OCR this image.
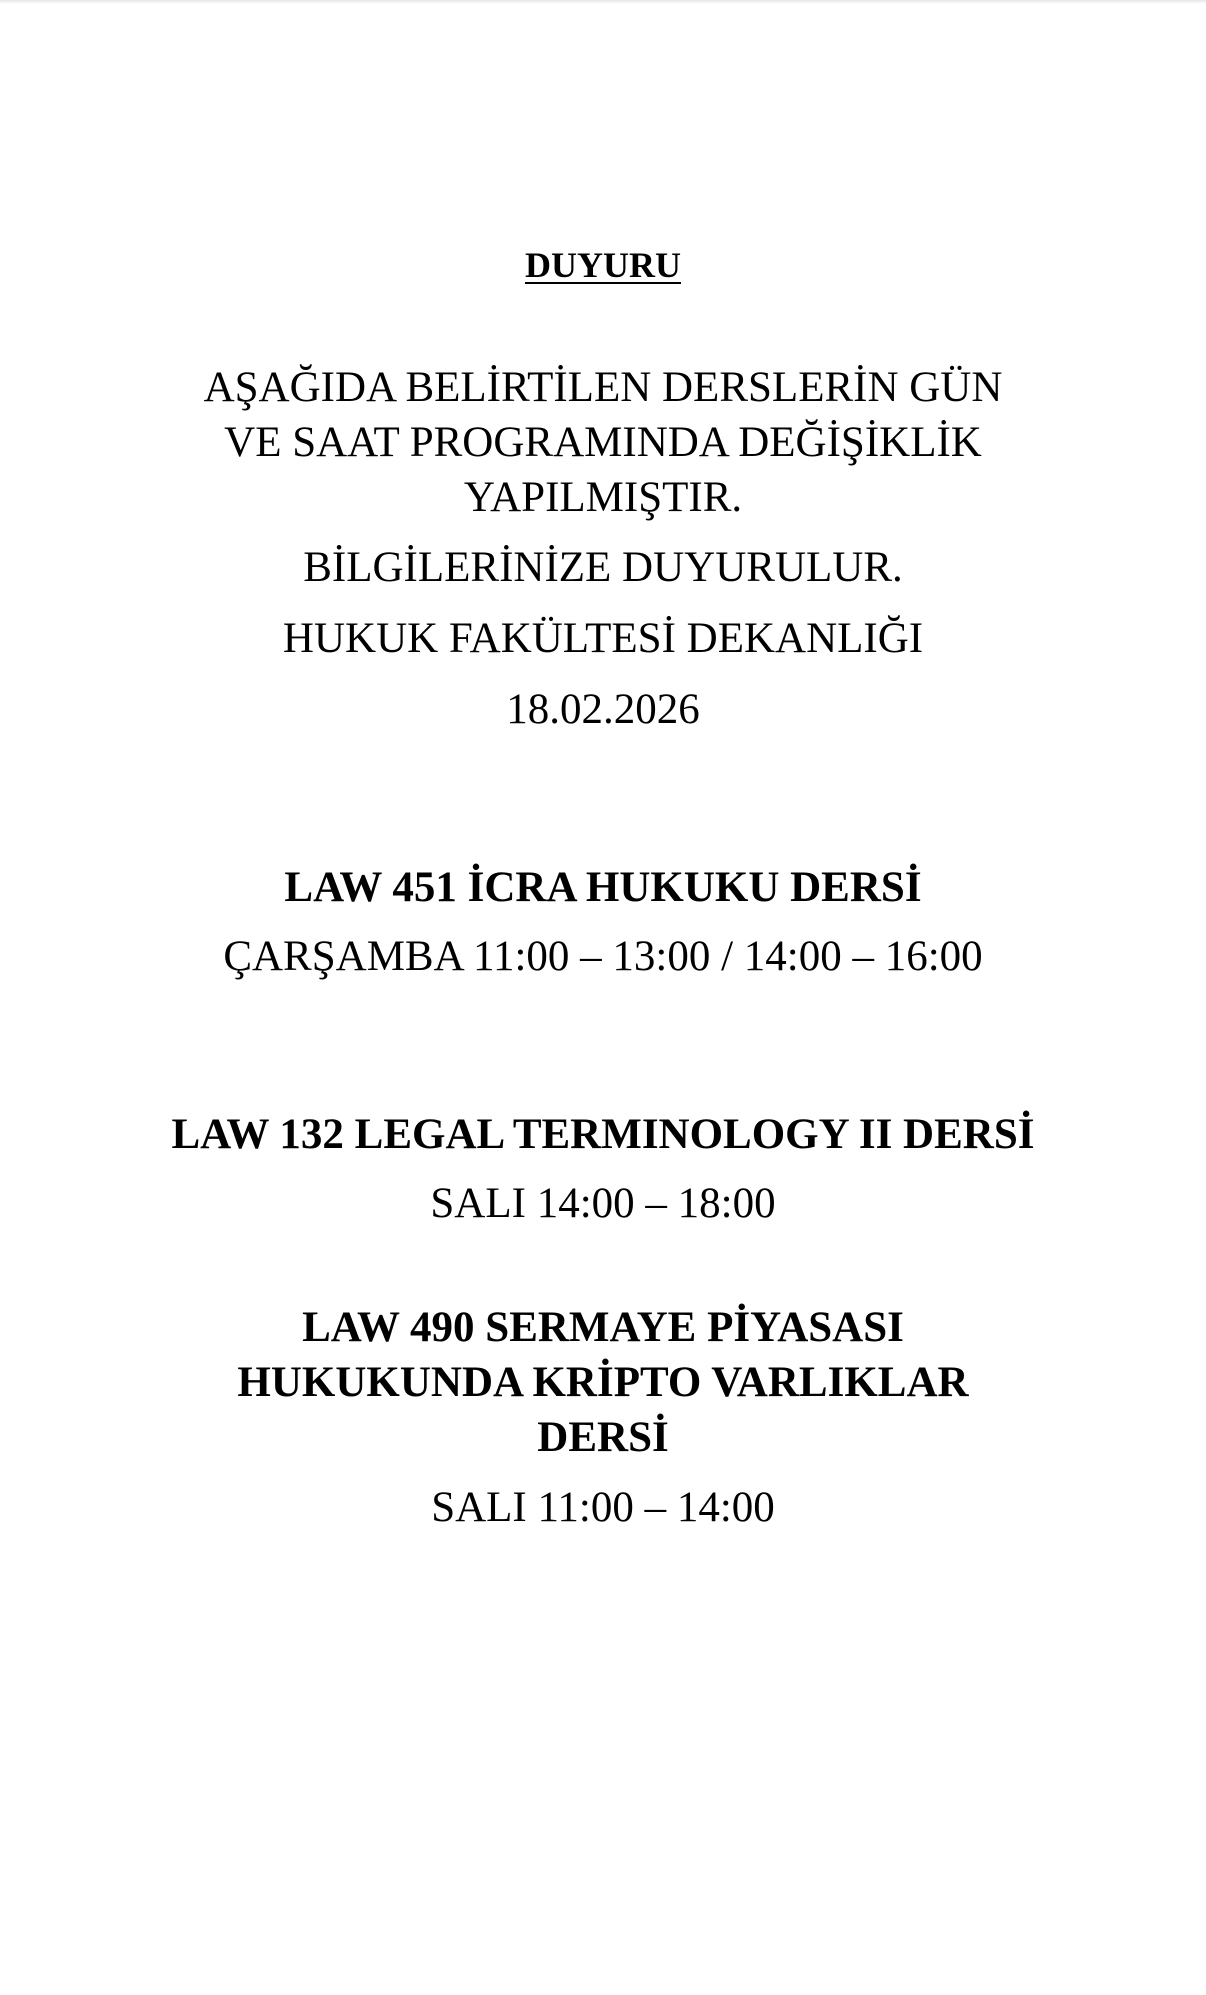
DUYURU
AŞAĞIDA BELİRTİLEN DERSLERİN GÜN
VE SAAT PROGRAMINDA DEĞİŞİKLİK
YAPILMIŞTIR.
BİLGİLERİNİZE DUYURULUR.
HUKUK FAKÜLTESİ DEKANLIĞI
18.02.2026
LAW 451 İCRA HUKUKU DERSİ
ÇARŞAMBA 11:00 – 13:00 / 14:00 – 16:00
LAW 132 LEGAL TERMINOLOGY II DERSİ
SALI 14:00 – 18:00
LAW 490 SERMAYE PİYASASI
HUKUKUNDA KRİPTO VARLIKLAR
DERSİ
SALI 11:00 – 14:00
